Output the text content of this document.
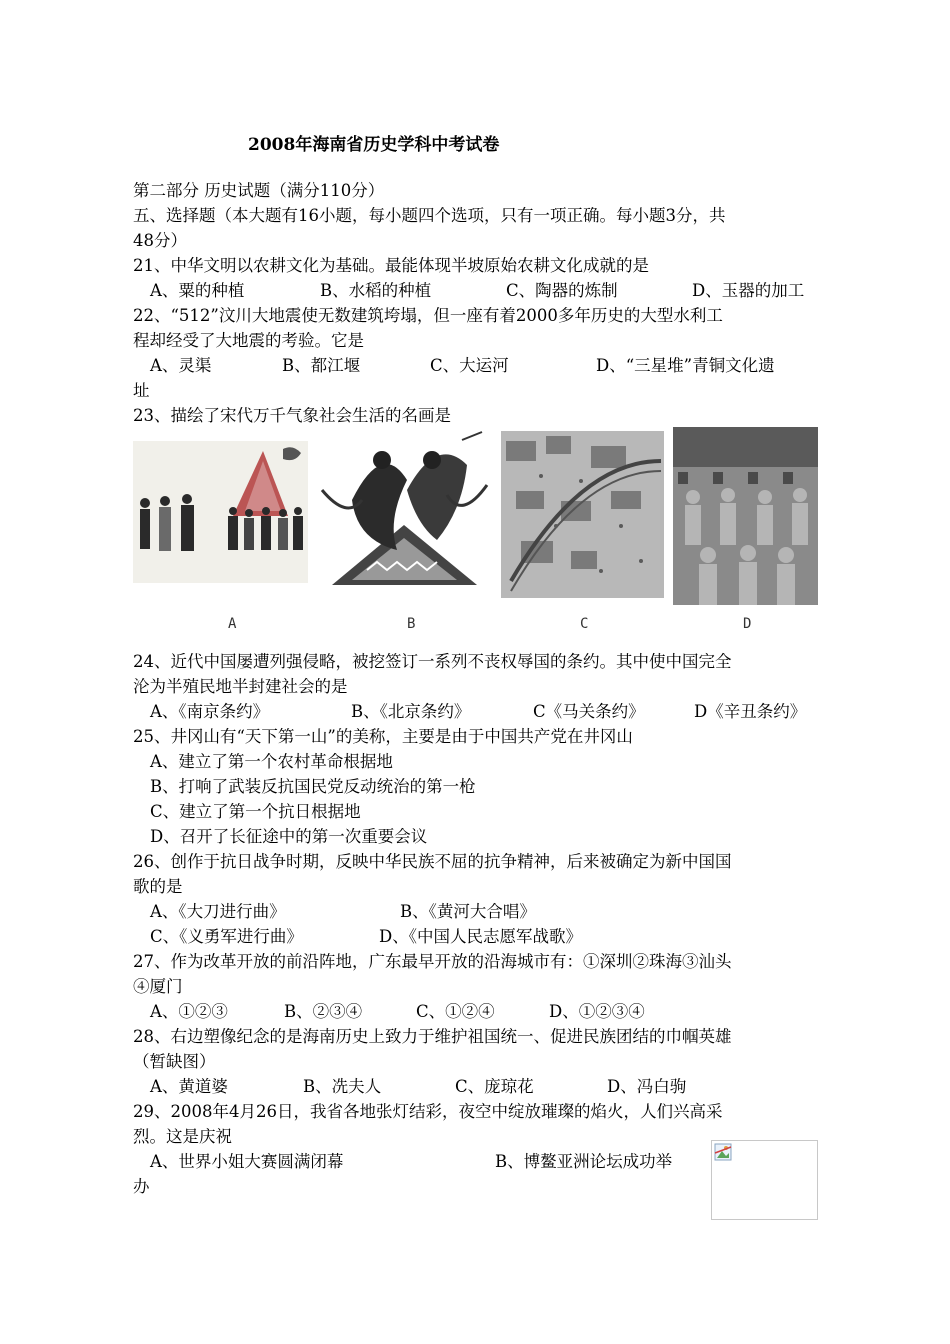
2008年海南省历史学科中考试卷
第二部分 历史试题（满分110分）
五、选择题（本大题有16小题，每小题四个选项，只有一项正确。每小题3分，共
48分）
21、中华文明以农耕文化为基础。最能体现半坡原始农耕文化成就的是
A、粟的种植	B、水稻的种植	C、陶器的炼制	D、玉器的加工
22、“512”汶川大地震使无数建筑垮塌，但一座有着2000多年历史的大型水利工
程却经受了大地震的考验。它是
A、灵渠	B、都江堰	C、大运河	D、“三星堆”青铜文化遗
址
23、描绘了宋代万千气象社会生活的名画是
A	B	C	D
24、近代中国屡遭列强侵略，被挖签订一系列不丧权辱国的条约。其中使中国完全
沦为半殖民地半封建社会的是
A、《南京条约》	B、《北京条约》	C《马关条约》	D《辛丑条约》
25、井冈山有“天下第一山”的美称，主要是由于中国共产党在井冈山
A、建立了第一个农村革命根据地
B、打响了武装反抗国民党反动统治的第一枪
C、建立了第一个抗日根据地
D、召开了长征途中的第一次重要会议
26、创作于抗日战争时期，反映中华民族不屈的抗争精神，后来被确定为新中国国
歌的是
A、《大刀进行曲》	B、《黄河大合唱》
C、《义勇军进行曲》	D、《中国人民志愿军战歌》
27、作为改革开放的前沿阵地，广东最早开放的沿海城市有：①深圳②珠海③汕头
④厦门
A、①②③	B、②③④	C、①②④	D、①②③④
28、右边塑像纪念的是海南历史上致力于维护祖国统一、促进民族团结的巾帼英雄
（暂缺图）
A、黄道婆	B、冼夫人	C、庞琼花	D、冯白驹
29、2008年4月26日，我省各地张灯结彩，夜空中绽放璀璨的焰火，人们兴高采
烈。这是庆祝
A、世界小姐大赛圆满闭幕	B、博鳌亚洲论坛成功举
办
